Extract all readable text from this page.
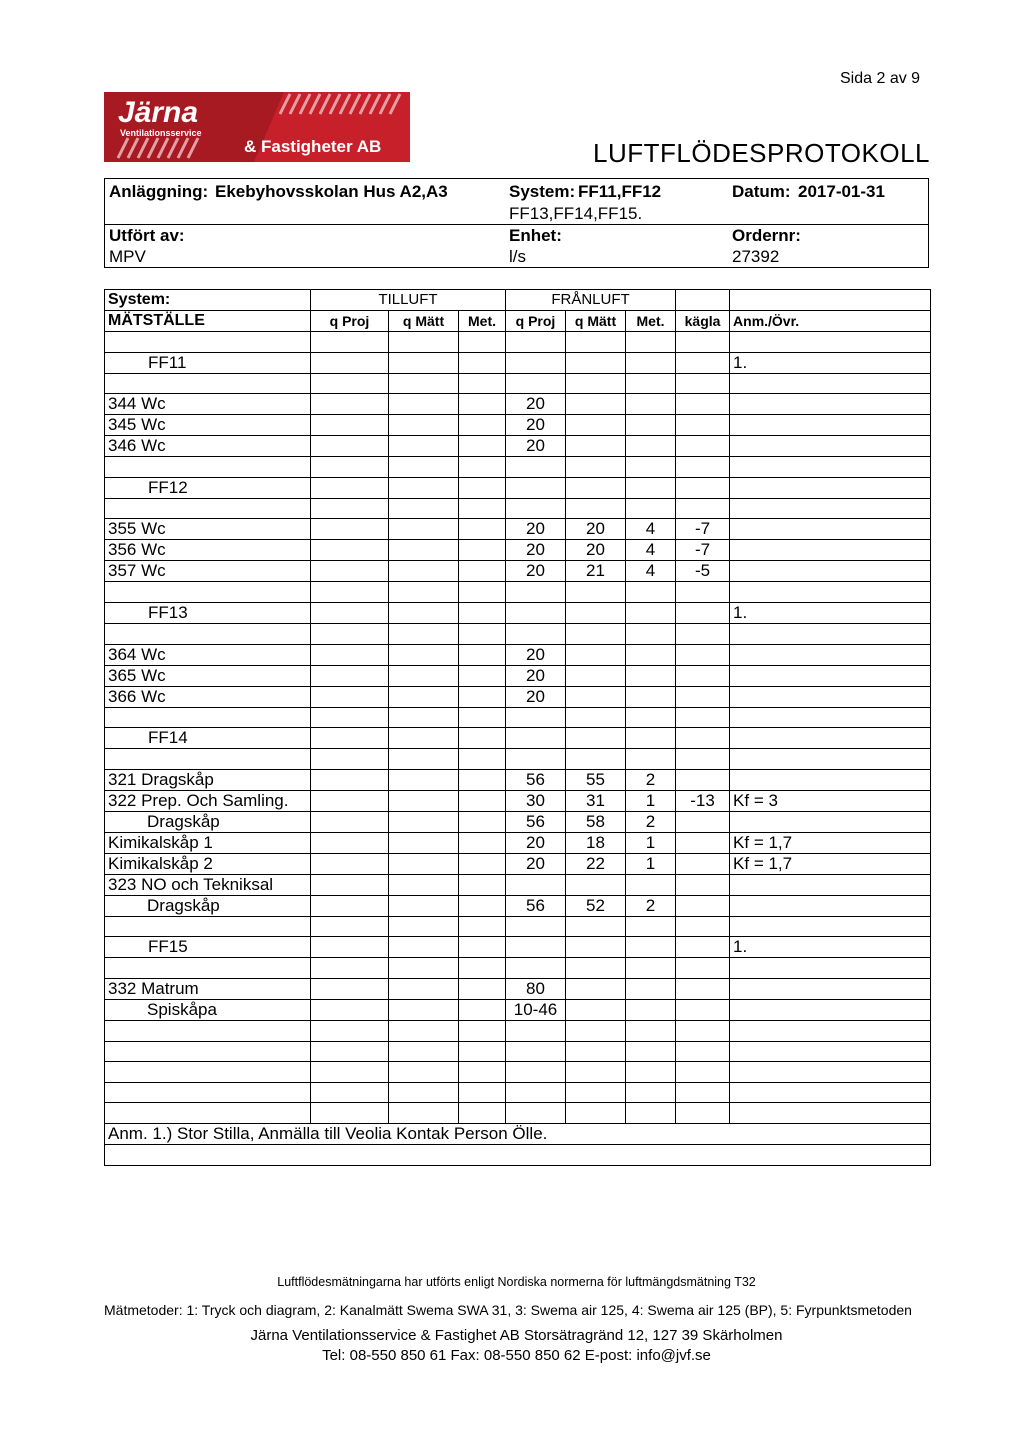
Sida 2 av 9
Järna
Ventilationsservice
& Fastigheter AB	LUFTFLÖDESPROTOKOLL
Anläggning: Ekebyhovsskolan Hus A2,A3	System: FF11,FF12
FF13,FF14,FF15.
Datum: 2017-01-31
Utfört av:
MPV
Enhet:
l/s
Ordernr:
27392
System:	TILLUFT			FRÅNLUFT				
MÄTSTÄLLE	q Proj	q Mätt	Met.	q Proj	q Mätt	Met.	kägla	Anm./Övr.

FF11								1.

344 Wc				20				
345 Wc				20				
346 Wc				20				

FF12								

355 Wc				20	20	4	-7	
356 Wc				20	20	4	-7	
357 Wc				20	21	4	-5	

FF13								1.

364 Wc				20				
365 Wc				20				
366 Wc				20				

FF14								

321 Dragskåp				56	55	2		
322 Prep. Och Samling.				30	31	1	-13	Kf = 3
Dragskåp				56	58	2		
Kimikalskåp 1				20	18	1		Kf = 1,7
Kimikalskåp 2				20	22	1		Kf = 1,7
323 NO och Tekniksal								
Dragskåp				56	52	2		

FF15								1.

332 Matrum				80				
Spiskåpa				10-46				

Anm. 1.) Stor Stilla, Anmälla till Veolia Kontak Person Ölle.								

Luftflödesmätningarna har utförts enligt Nordiska normerna för luftmängdsmätning T32
Mätmetoder: 1: Tryck och diagram, 2: Kanalmätt Swema SWA 31, 3: Swema air 125, 4: Swema air 125 (BP), 5: Fyrpunktsmetoden
Järna Ventilationsservice & Fastighet AB Storsätragränd 12, 127 39 Skärholmen
Tel: 08-550 850 61 Fax: 08-550 850 62 E-post: info@jvf.se
